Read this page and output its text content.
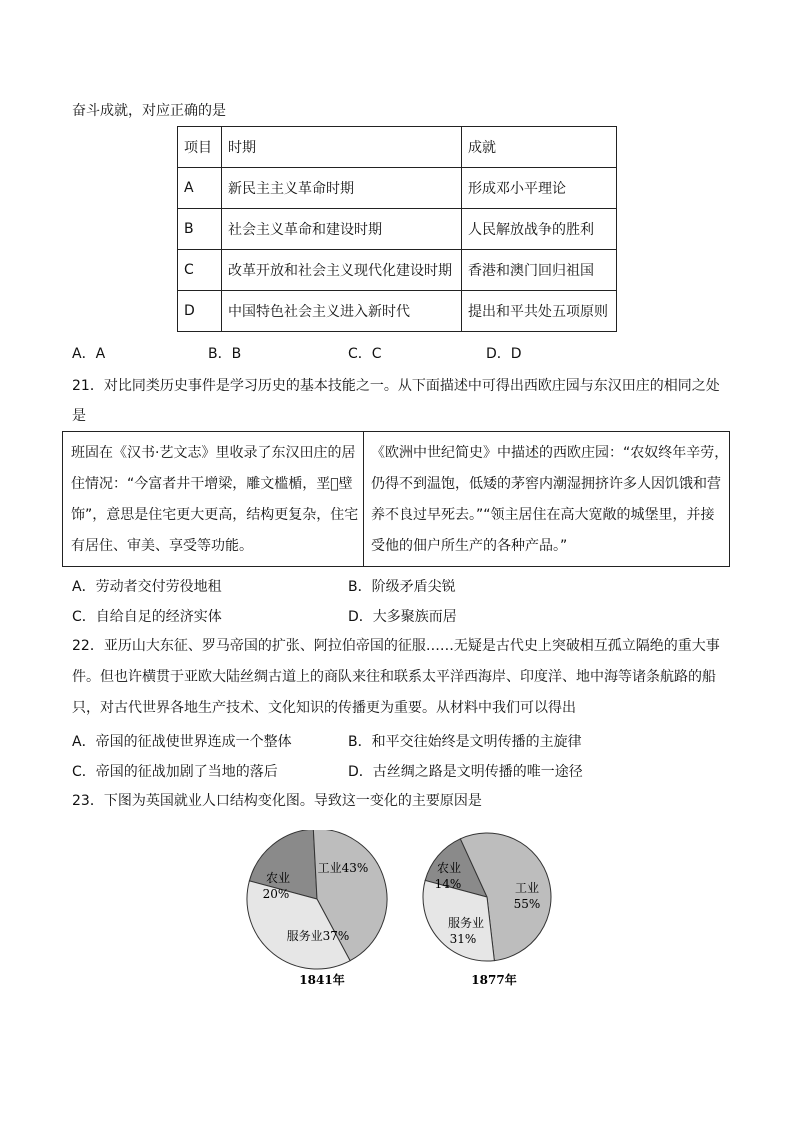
奋斗成就，对应正确的是
项目	时期	成就
A	新民主主义革命时期	形成邓小平理论
B	社会主义革命和建设时期	人民解放战争的胜利
C	改革开放和社会主义现代化建设时期	香港和澳门回归祖国
D	中国特色社会主义进入新时代	提出和平共处五项原则
A．A	B．B	C．C	D．D
21．对比同类历史事件是学习历史的基本技能之一。从下面描述中可得出西欧庄园与东汉田庄的相同之处
是
班固在《汉书·艺文志》里收录了东汉田庄的居
住情况：“今富者井干增梁，雕文槛楯，垩𡎊壁
饰”，意思是住宅更大更高，结构更复杂，住宅
有居住、审美、享受等功能。
《欧洲中世纪简史》中描述的西欧庄园：“农奴终年辛劳，
仍得不到温饱，低矮的茅窖内潮湿拥挤许多人因饥饿和营
养不良过早死去。”“领主居住在高大宽敞的城堡里，并接
受他的佃户所生产的各种产品。”
A．劳动者交付劳役地租	B．阶级矛盾尖锐
C．自给自足的经济实体	D．大多聚族而居
22．亚历山大东征、罗马帝国的扩张、阿拉伯帝国的征服……无疑是古代史上突破相互孤立隔绝的重大事
件。但也许横贯于亚欧大陆丝绸古道上的商队来往和联系太平洋西海岸、印度洋、地中海等诸条航路的船
只，对古代世界各地生产技术、文化知识的传播更为重要。从材料中我们可以得出
A．帝国的征战使世界连成一个整体	B．和平交往始终是文明传播的主旋律
C．帝国的征战加剧了当地的落后	D．古丝绸之路是文明传播的唯一途径
23．下图为英国就业人口结构变化图。导致这一变化的主要原因是
农业
20%
工业43%
服务业37%
1841年
农业
14%	工业
55%
服务业
31%
1877年
